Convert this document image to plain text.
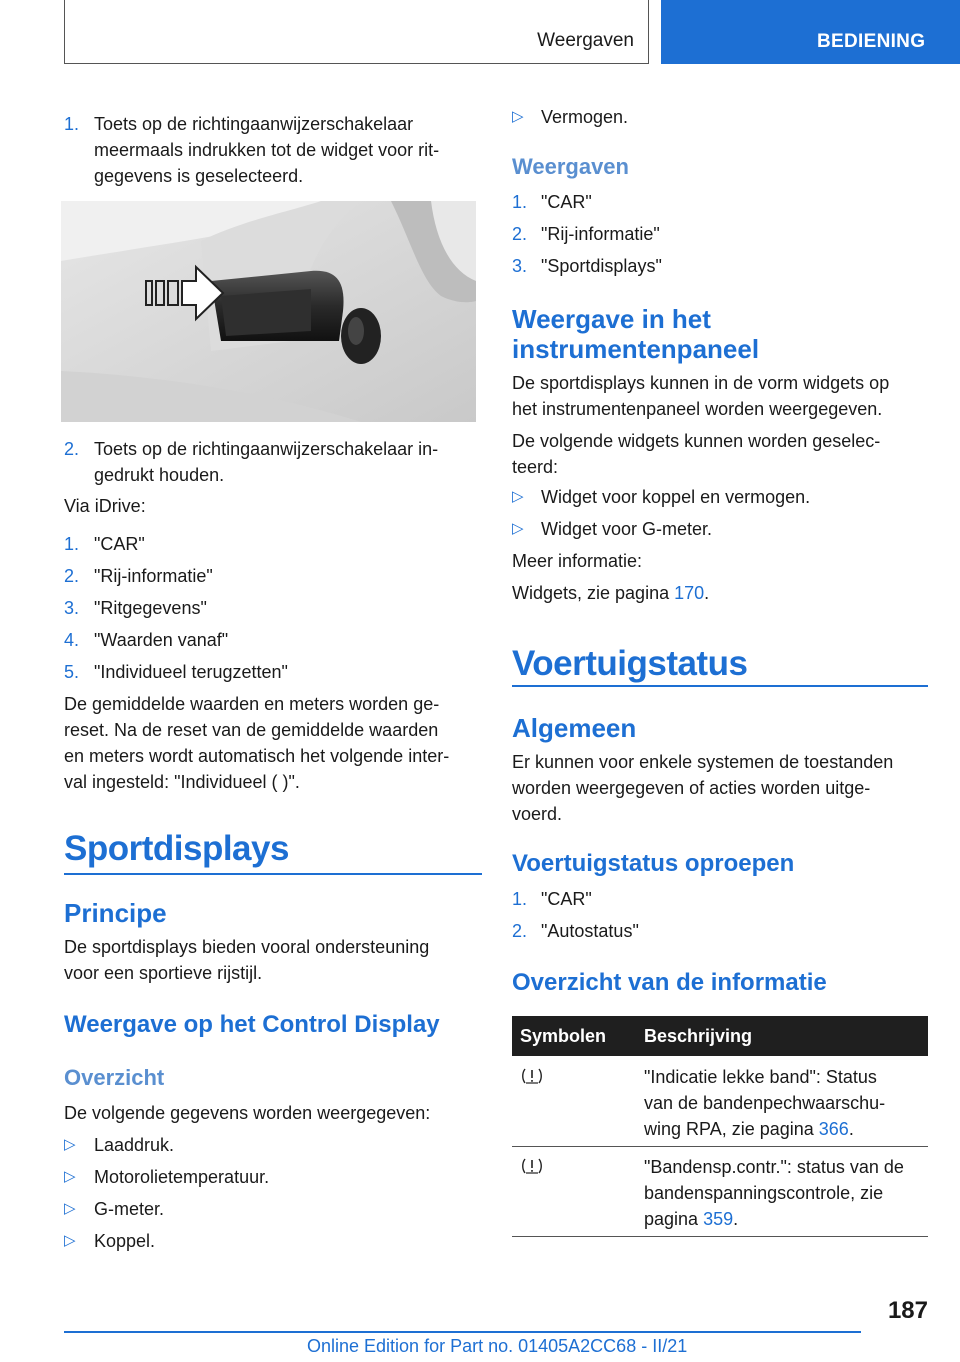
Weergaven	BEDIENING
1. Toets op de richtingaanwijzerschakelaar
meermaals indrukken tot de widget voor rit-
gegevens is geselecteerd.
2. Toets op de richtingaanwijzerschakelaar in-
gedrukt houden.
Via iDrive:
1. "CAR"
2. "Rij-informatie"
3. "Ritgegevens"
4. "Waarden vanaf"
5. "Individueel terugzetten"
De gemiddelde waarden en meters worden ge-
reset. Na de reset van de gemiddelde waarden
en meters wordt automatisch het volgende inter-
val ingesteld: "Individueel ( )".
Sportdisplays
Principe
De sportdisplays bieden vooral ondersteuning
voor een sportieve rijstijl.
Weergave op het Control Display
Overzicht
De volgende gegevens worden weergegeven:
▷ Laaddruk.
▷ Motorolietemperatuur.
▷ G-meter.
▷ Koppel.
▷ Vermogen.
Weergaven
1. "CAR"
2. "Rij-informatie"
3. "Sportdisplays"
Weergave in het
instrumentenpaneel
De sportdisplays kunnen in de vorm widgets op
het instrumentenpaneel worden weergegeven.
De volgende widgets kunnen worden geselec-
teerd:
▷ Widget voor koppel en vermogen.
▷ Widget voor G-meter.
Meer informatie:
Widgets, zie pagina 170.
Voertuigstatus
Algemeen
Er kunnen voor enkele systemen de toestanden
worden weergegeven of acties worden uitge-
voerd.
Voertuigstatus oproepen
1. "CAR"
2. "Autostatus"
Overzicht van de informatie
Symbolen Beschrijving
"Indicatie lekke band": Status
van de bandenpechwaarschu-
wing RPA, zie pagina 366.
"Bandensp.contr.": status van de
bandenspanningscontrole, zie
pagina 359.
187
Online Edition for Part no. 01405A2CC68 - II/21
